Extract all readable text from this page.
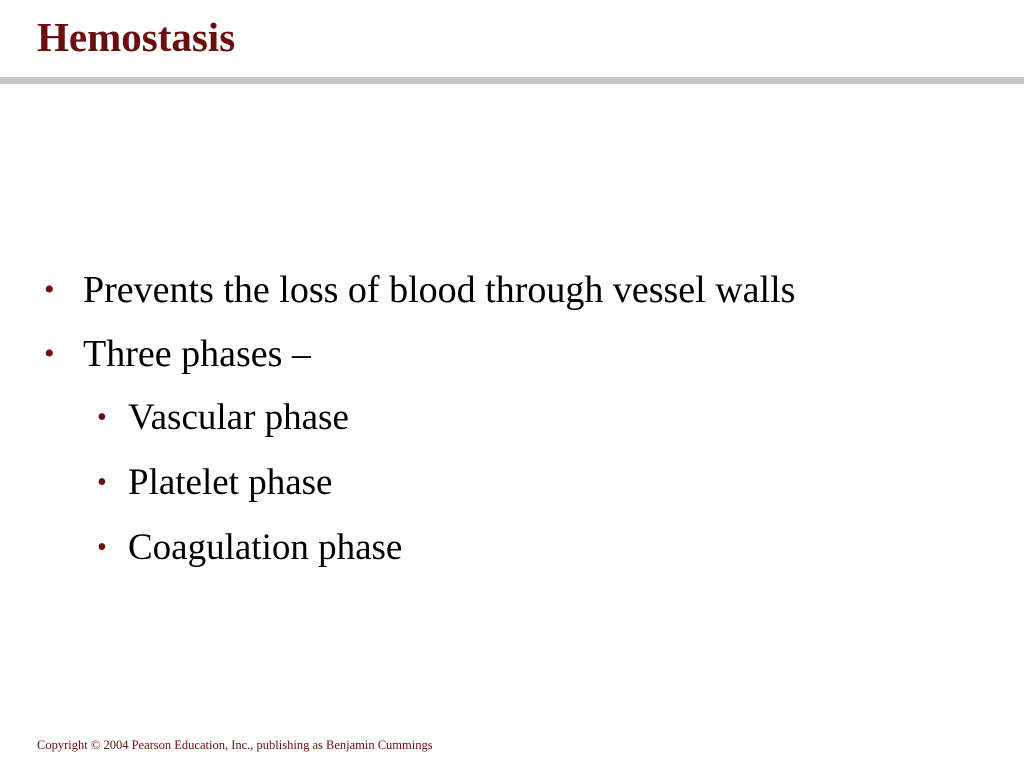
Hemostasis
• Prevents the loss of blood through vessel walls
• Three phases –
• Vascular phase
• Platelet phase
• Coagulation phase
Copyright © 2004 Pearson Education, Inc., publishing as Benjamin Cummings
